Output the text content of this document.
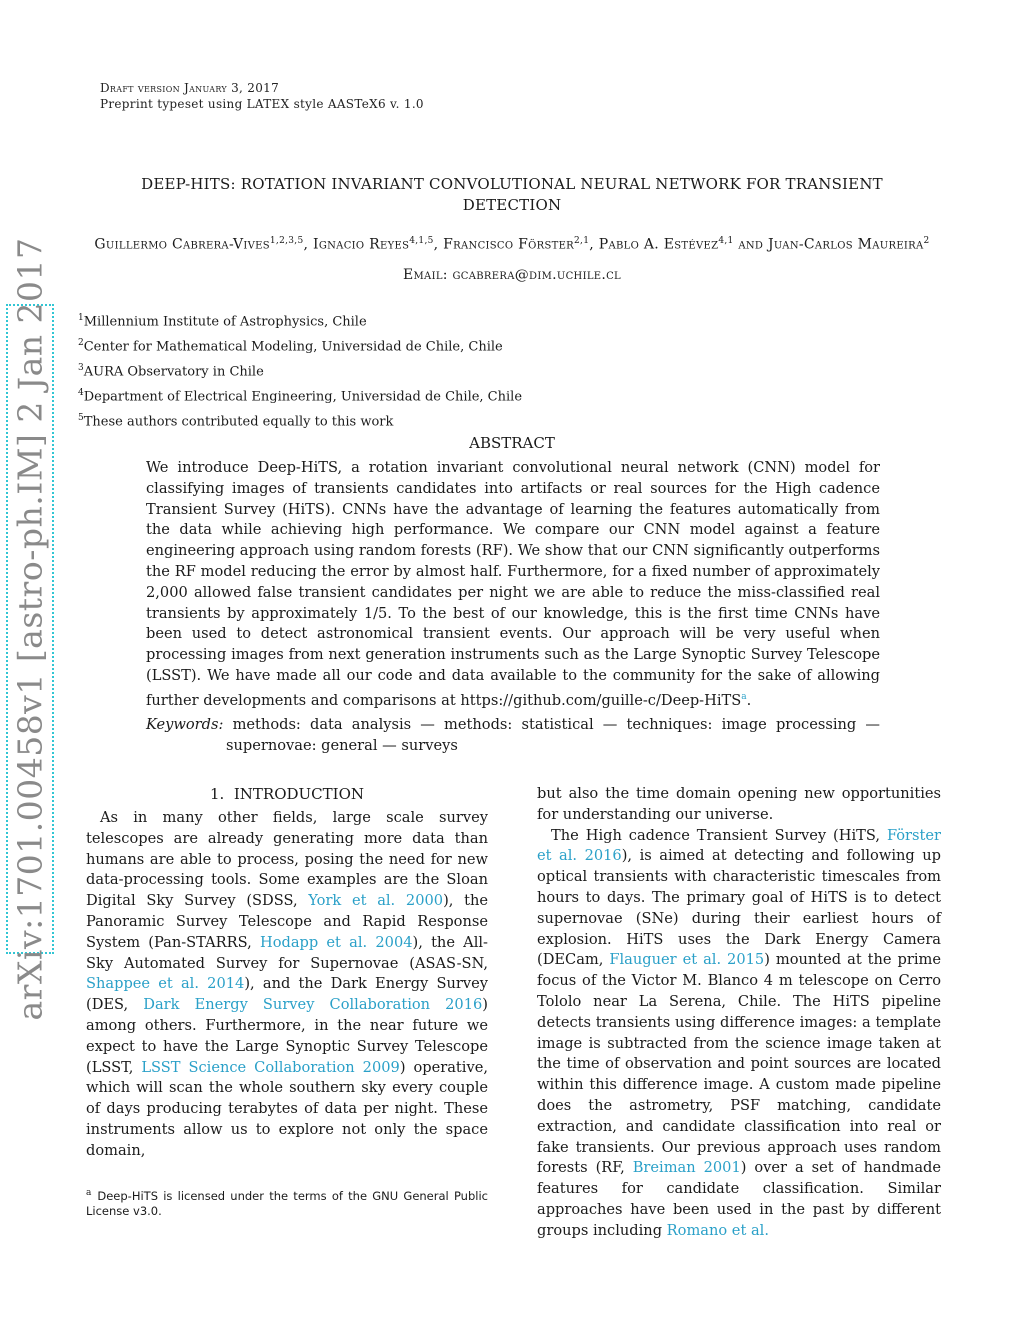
Draft version January 3, 2017
Preprint typeset using LATEX style AASTeX6 v. 1.0
DEEP-HITS: ROTATION INVARIANT CONVOLUTIONAL NEURAL NETWORK FOR TRANSIENT
DETECTION
Guillermo Cabrera-Vives$^{1,2,3,5}$, Ignacio Reyes$^{4,1,5}$, Francisco Förster$^{2,1}$, Pablo A. Estévez$^{4,1}$ and Juan-Carlos Maureira$^2$
Email: gcabrera@dim.uchile.cl
$^1$Millennium Institute of Astrophysics, Chile
$^2$Center for Mathematical Modeling, Universidad de Chile, Chile
$^3$AURA Observatory in Chile
$^4$Department of Electrical Engineering, Universidad de Chile, Chile
$^5$These authors contributed equally to this work
ABSTRACT
We introduce Deep-HiTS, a rotation invariant convolutional neural network (CNN) model for classifying images of transients candidates into artifacts or real sources for the High cadence Transient Survey (HiTS). CNNs have the advantage of learning the features automatically from the data while achieving high performance. We compare our CNN model against a feature engineering approach using random forests (RF). We show that our CNN significantly outperforms the RF model reducing the error by almost half. Furthermore, for a fixed number of approximately 2,000 allowed false transient candidates per night we are able to reduce the miss-classified real transients by approximately 1/5. To the best of our knowledge, this is the first time CNNs have been used to detect astronomical transient events. Our approach will be very useful when processing images from next generation instruments such as the Large Synoptic Survey Telescope (LSST). We have made all our code and data available to the community for the sake of allowing further developments and comparisons at https://github.com/guille-c/Deep-HiTS$^a$.
Keywords: methods: data analysis — methods: statistical — techniques: image processing — supernovae: general — surveys
1. INTRODUCTION

As in many other fields, large scale survey telescopes are already generating more data than humans are able to process, posing the need for new data-processing tools. Some examples are the Sloan Digital Sky Survey (SDSS, York et al. 2000), the Panoramic Survey Telescope and Rapid Response System (Pan-STARRS, Hodapp et al. 2004), the All-Sky Automated Survey for Supernovae (ASAS-SN, Shappee et al. 2014), and the Dark Energy Survey (DES, Dark Energy Survey Collaboration 2016) among others. Furthermore, in the near future we expect to have the Large Synoptic Survey Telescope (LSST, LSST Science Collaboration 2009) operative, which will scan the whole southern sky every couple of days producing terabytes of data per night. These instruments allow us to explore not only the space domain,

but also the time domain opening new opportunities for understanding our universe.

The High cadence Transient Survey (HiTS, Förster et al. 2016), is aimed at detecting and following up optical transients with characteristic timescales from hours to days. The primary goal of HiTS is to detect supernovae (SNe) during their earliest hours of explosion. HiTS uses the Dark Energy Camera (DECam, Flauguer et al. 2015) mounted at the prime focus of the Victor M. Blanco 4 m telescope on Cerro Tololo near La Serena, Chile. The HiTS pipeline detects transients using difference images: a template image is subtracted from the science image taken at the time of observation and point sources are located within this difference image. A custom made pipeline does the astrometry, PSF matching, candidate extraction, and candidate classification into real or fake transients. Our previous approach uses random forests (RF, Breiman 2001) over a set of handmade features for candidate classification. Similar approaches have been used in the past by different groups including Romano et al.

$^a$ Deep-HiTS is licensed under the terms of the GNU General Public License v3.0.
arXiv:1701.00458v1 [astro-ph.IM] 2 Jan 2017
